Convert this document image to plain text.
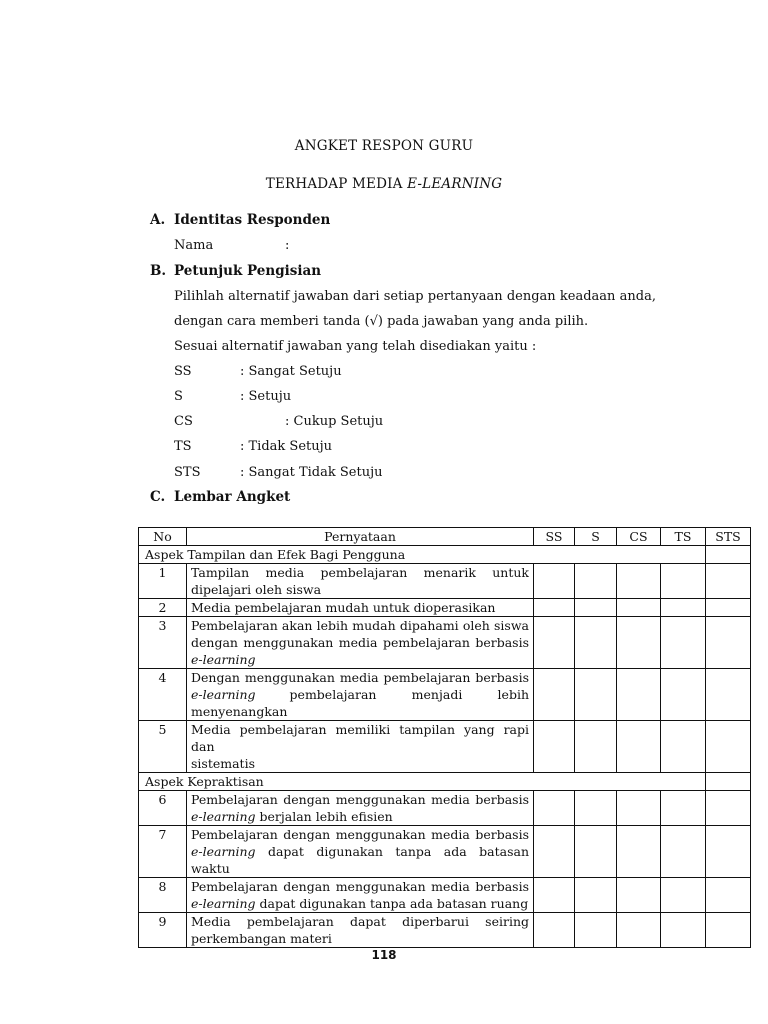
ANGKET RESPON GURU
TERHADAP MEDIA E-LEARNING
A. Identitas Responden
Nama	:
B. Petunjuk Pengisian
Pilihlah alternatif jawaban dari setiap pertanyaan dengan keadaan anda,
dengan cara memberi tanda (√) pada jawaban yang anda pilih.
Sesuai alternatif jawaban yang telah disediakan yaitu :
SS	: Sangat Setuju
S	: Setuju
CS	: Cukup Setuju
TS	: Tidak Setuju
STS	: Sangat Tidak Setuju
C. Lembar Angket
No	Pernyataan	SS	S	CS	TS	STS
Aspek Tampilan dan Efek Bagi Pengguna						
1	Tampilan media pembelajaran menarik untuk
dipelajari oleh siswa					

2	Media pembelajaran mudah untuk dioperasikan					

3	Pembelajaran akan lebih mudah dipahami oleh siswa
dengan menggunakan media pembelajaran berbasis
e-learning					

4	Dengan menggunakan media pembelajaran berbasis
e-learning pembelajaran menjadi lebih
menyenangkan					

5	Media pembelajaran memiliki tampilan yang rapi dan
sistematis					

Aspek Kepraktisan						
6	Pembelajaran dengan menggunakan media berbasis
e-learning berjalan lebih efisien					

7	Pembelajaran dengan menggunakan media berbasis
e-learning dapat digunakan tanpa ada batasan waktu					

8	Pembelajaran dengan menggunakan media berbasis
e-learning dapat digunakan tanpa ada batasan ruang					

9	Media pembelajaran dapat diperbarui seiring
perkembangan materi					

118
